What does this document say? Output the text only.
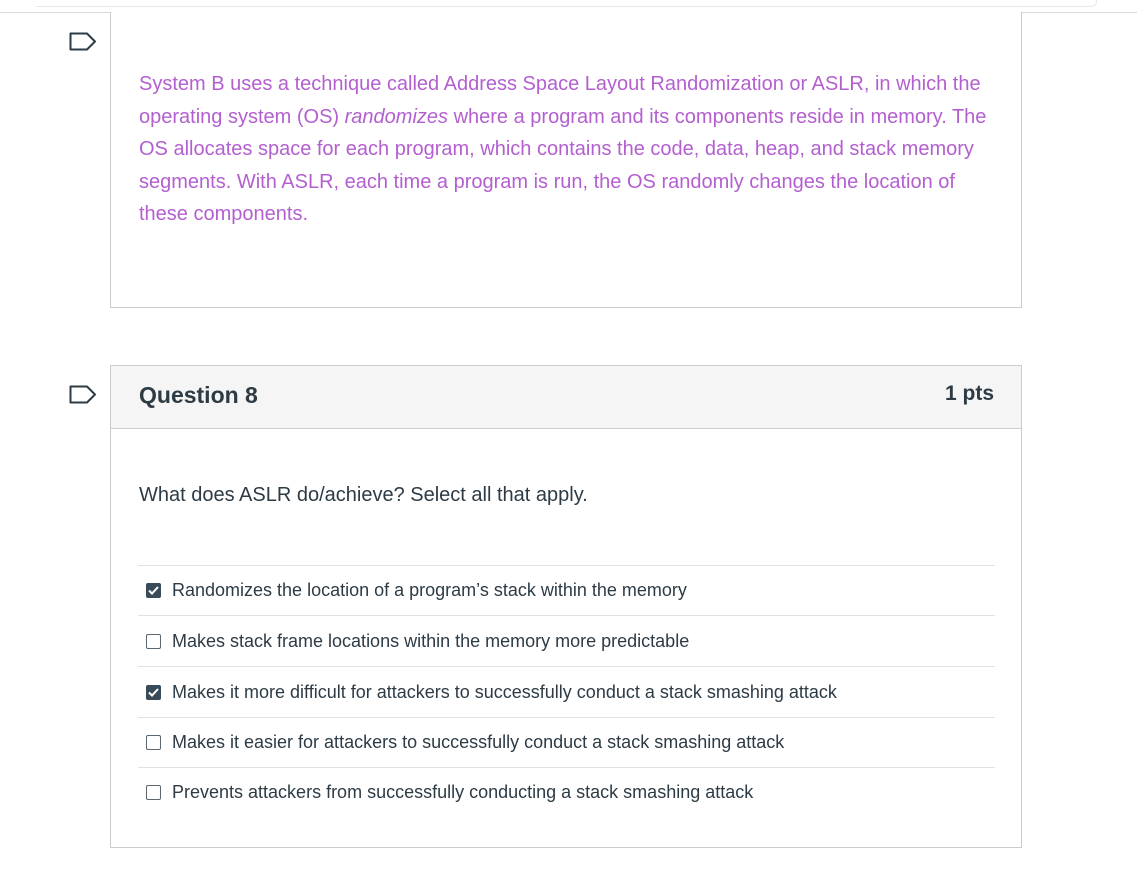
System B uses a technique called Address Space Layout Randomization or ASLR, in which the operating system (OS) randomizes where a program and its components reside in memory. The OS allocates space for each program, which contains the code, data, heap, and stack memory segments. With ASLR, each time a program is run, the OS randomly changes the location of these components.

Question 8	1 pts
What does ASLR do/achieve? Select all that apply.
Randomizes the location of a program’s stack within the memory
Makes stack frame locations within the memory more predictable
Makes it more difficult for attackers to successfully conduct a stack smashing attack
Makes it easier for attackers to successfully conduct a stack smashing attack
Prevents attackers from successfully conducting a stack smashing attack
